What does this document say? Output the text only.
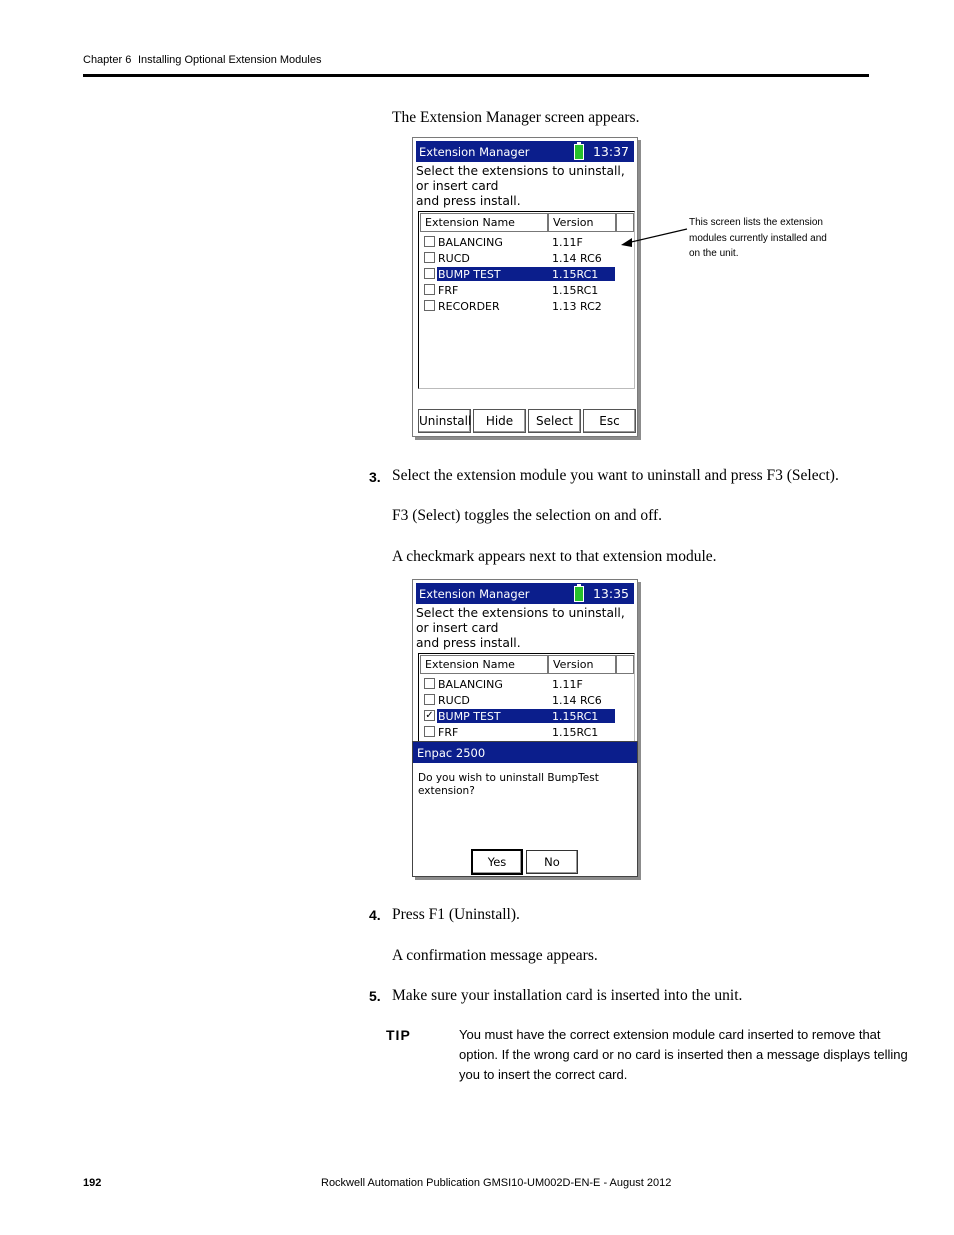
Chapter 6 Installing Optional Extension Modules
The Extension Manager screen appears.
Extension Manager	13:37
Select the extensions to uninstall,
or insert card
and press install.
Extension Name	Version
BALANCING	1.11F
RUCD	1.14 RC6
BUMP TEST	1.15RC1
FRF	1.15RC1
RECORDER	1.13 RC2
Uninstall	Hide	Select	Esc
This screen lists the extension modules currently installed and on the unit.
3. Select the extension module you want to uninstall and press F3 (Select).
F3 (Select) toggles the selection on and off.
A checkmark appears next to that extension module.
Extension Manager	13:35
Select the extensions to uninstall,
or insert card
and press install.
Extension Name	Version
BALANCING	1.11F
RUCD	1.14 RC6
✓ BUMP TEST	1.15RC1
FRF	1.15RC1
Enpac 2500
Do you wish to uninstall BumpTest
extension?
Yes	No
4. Press F1 (Uninstall).
A confirmation message appears.
5. Make sure your installation card is inserted into the unit.
TIP	You must have the correct extension module card inserted to remove that
option. If the wrong card or no card is inserted then a message displays telling
you to insert the correct card.
192	Rockwell Automation Publication GMSI10-UM002D-EN-E - August 2012
